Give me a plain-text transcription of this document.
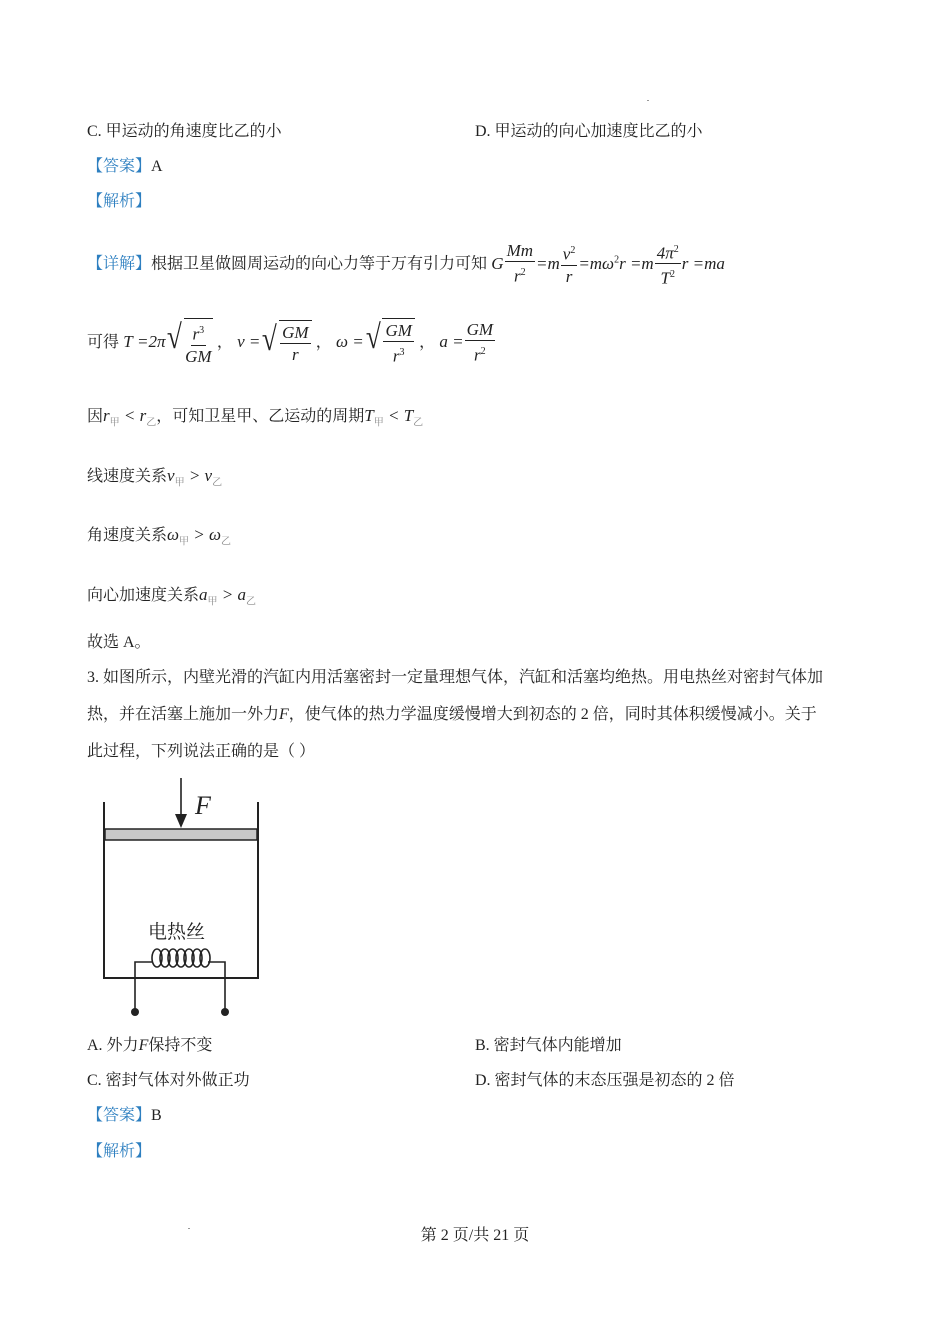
C. 甲运动的角速度比乙的小	D. 甲运动的向心加速度比乙的小
【答案】A
【解析】
【详解】根据卫星做圆周运动的向心力等于万有引力可知 G $\frac{Mm}{r^2} =m \frac{v^2}{r} =m\omega^2r =m \frac{4\pi^2}{T^2}$ r =ma
可得 T =2π √ $\frac{r^3}{GM}$ ， v = √ $\frac{GM}{r}$ ， ω = √ $\frac{GM}{r^3}$ ， $a = \frac{GM}{r^2}$
因$r_甲 < r_乙$，可知卫星甲、乙运动的周期$T_甲 < T_乙$
线速度关系$v_甲 > v_乙$
角速度关系$\omega_甲 > \omega_乙$
向心加速度关系$a_甲 > a_乙$
故选 A。
3. 如图所示，内壁光滑的汽缸内用活塞密封一定量理想气体，汽缸和活塞均绝热。用电热丝对密封气体加
热，并在活塞上施加一外力F，使气体的热力学温度缓慢增大到初态的 2 倍，同时其体积缓慢减小。关于
此过程，下列说法正确的是（ ）
F
电热丝
A. 外力F保持不变	B. 密封气体内能增加
C. 密封气体对外做正功	D. 密封气体的末态压强是初态的 2 倍
【答案】B
【解析】
第 2 页/共 21 页
